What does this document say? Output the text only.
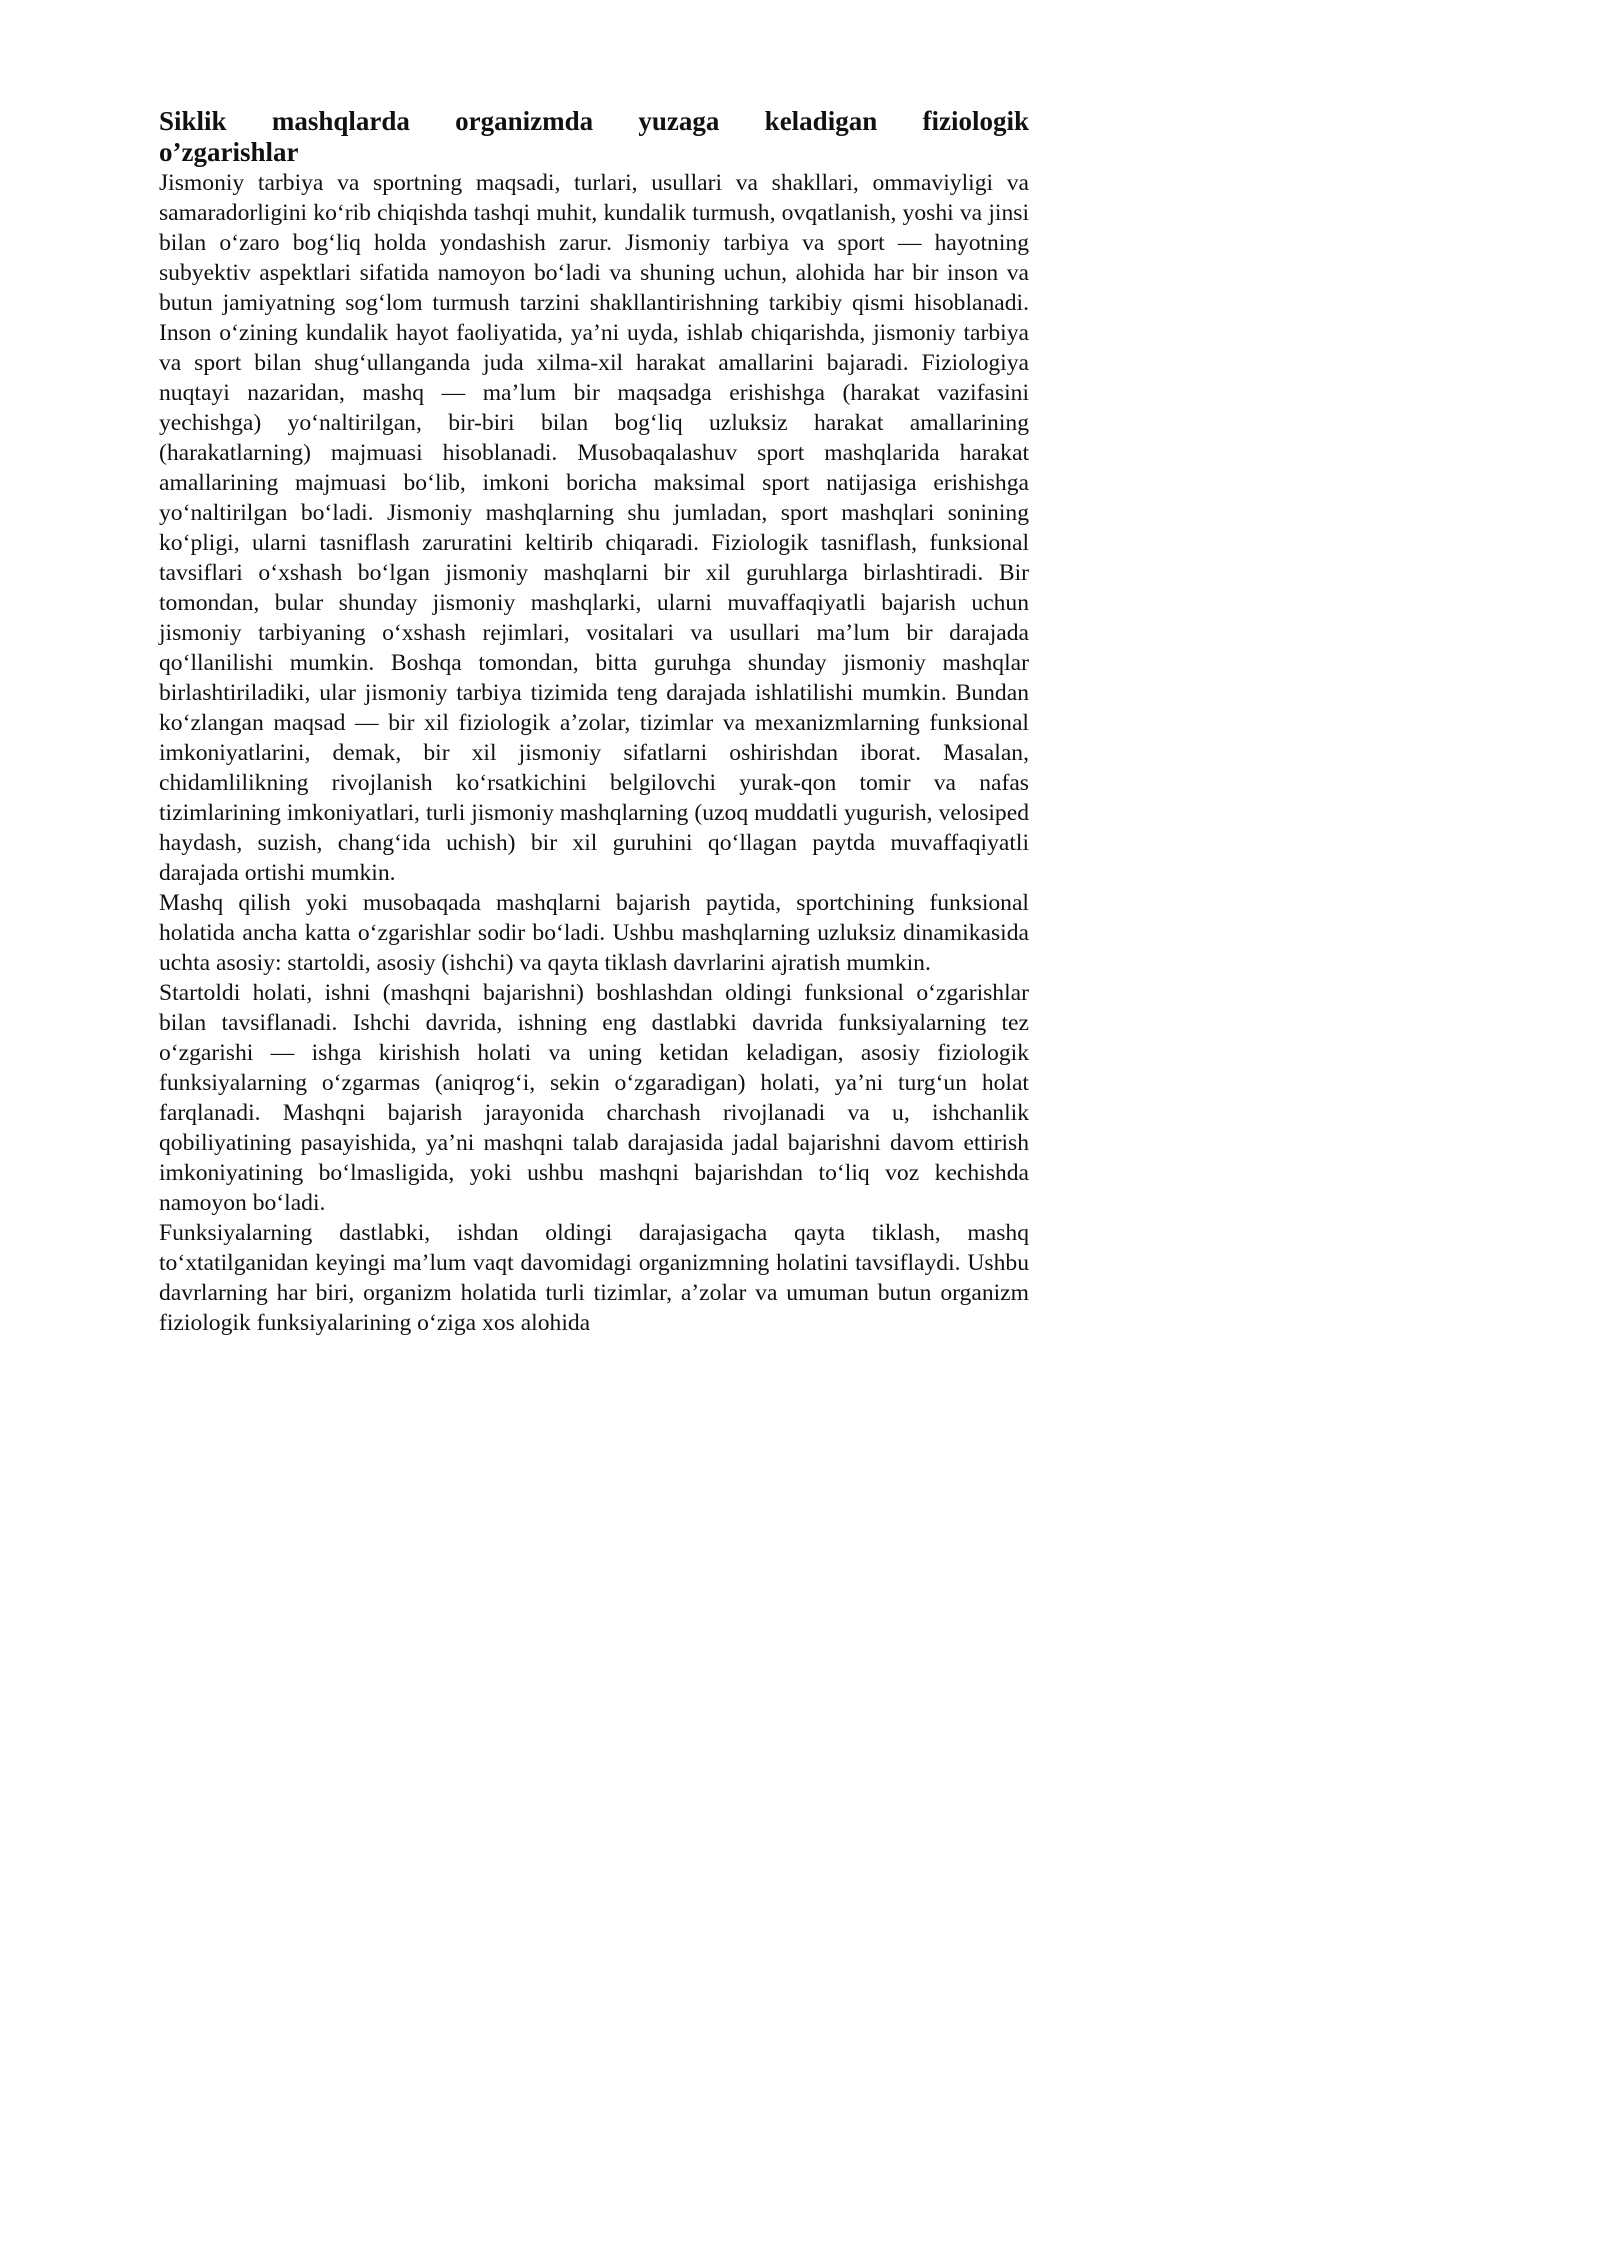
Siklik mashqlarda organizmda yuzaga keladigan fiziologik o’zgarishlar

Jismoniy tarbiya va sportning maqsadi, turlari, usullari va shakllari, ommaviyligi va samaradorligini ko‘rib chiqishda tashqi muhit, kundalik turmush, ovqatlanish, yoshi va jinsi bilan o‘zaro bog‘liq holda yondashish zarur. Jismoniy tarbiya va sport — hayotning subyektiv aspektlari sifatida namoyon bo‘ladi va shuning uchun, alohida har bir inson va butun jamiyatning sog‘lom turmush tarzini shakllantirishning tarkibiy qismi hisoblanadi. Inson o‘zining kundalik hayot faoliyatida, ya’ni uyda, ishlab chiqarishda, jismoniy tarbiya va sport bilan shug‘ullanganda juda xilma-xil harakat amallarini bajaradi. Fiziologiya nuqtayi nazaridan, mashq — ma’lum bir maqsadga erishishga (harakat vazifasini yechishga) yo‘naltirilgan, bir-biri bilan bog‘liq uzluksiz harakat amallarining (harakatlarning) majmuasi hisoblanadi. Musobaqalashuv sport mashqlarida harakat amallarining majmuasi bo‘lib, imkoni boricha maksimal sport natijasiga erishishga yo‘naltirilgan bo‘ladi. Jismoniy mashqlarning shu jumladan, sport mashqlari sonining ko‘pligi, ularni tasniflash zaruratini keltirib chiqaradi. Fiziologik tasniflash, funksional tavsiflari o‘xshash bo‘lgan jismoniy mashqlarni bir xil guruhlarga birlashtiradi. Bir tomondan, bular shunday jismoniy mashqlarki, ularni muvaffaqiyatli bajarish uchun jismoniy tarbiyaning o‘xshash rejimlari, vositalari va usullari ma’lum bir darajada qo‘llanilishi mumkin. Boshqa tomondan, bitta guruhga shunday jismoniy mashqlar birlashtiriladiki, ular jismoniy tarbiya tizimida teng darajada ishlatilishi mumkin. Bundan ko‘zlangan maqsad — bir xil fiziologik a’zolar, tizimlar va mexanizmlarning funksional imkoniyatlarini, demak, bir xil jismoniy sifatlarni oshirishdan iborat. Masalan, chidamlilikning rivojlanish ko‘rsatkichini belgilovchi yurak-qon tomir va nafas tizimlarining imkoniyatlari, turli jismoniy mashqlarning (uzoq muddatli yugurish, velosiped haydash, suzish, chang‘ida uchish) bir xil guruhini qo‘llagan paytda muvaffaqiyatli darajada ortishi mumkin.

Mashq qilish yoki musobaqada mashqlarni bajarish paytida, sportchining funksional holatida ancha katta o‘zgarishlar sodir bo‘ladi. Ushbu mashqlarning uzluksiz dinamikasida uchta asosiy: startoldi, asosiy (ishchi) va qayta tiklash davrlarini ajratish mumkin.

Startoldi holati, ishni (mashqni bajarishni) boshlashdan oldingi funksional o‘zgarishlar bilan tavsiflanadi. Ishchi davrida, ishning eng dastlabki davrida funksiyalarning tez o‘zgarishi — ishga kirishish holati va uning ketidan keladigan, asosiy fiziologik funksiyalarning o‘zgarmas (aniqrog‘i, sekin o‘zgaradigan) holati, ya’ni turg‘un holat farqlanadi. Mashqni bajarish jarayonida charchash rivojlanadi va u, ishchanlik qobiliyatining pasayishida, ya’ni mashqni talab darajasida jadal bajarishni davom ettirish imkoniyatining bo‘lmasligida, yoki ushbu mashqni bajarishdan to‘liq voz kechishda namoyon bo‘ladi.

Funksiyalarning dastlabki, ishdan oldingi darajasigacha qayta tiklash, mashq to‘xtatilganidan keyingi ma’lum vaqt davomidagi organizmning holatini tavsiflaydi. Ushbu davrlarning har biri, organizm holatida turli tizimlar, a’zolar va umuman butun organizm fiziologik funksiyalarining o‘ziga xos alohida
